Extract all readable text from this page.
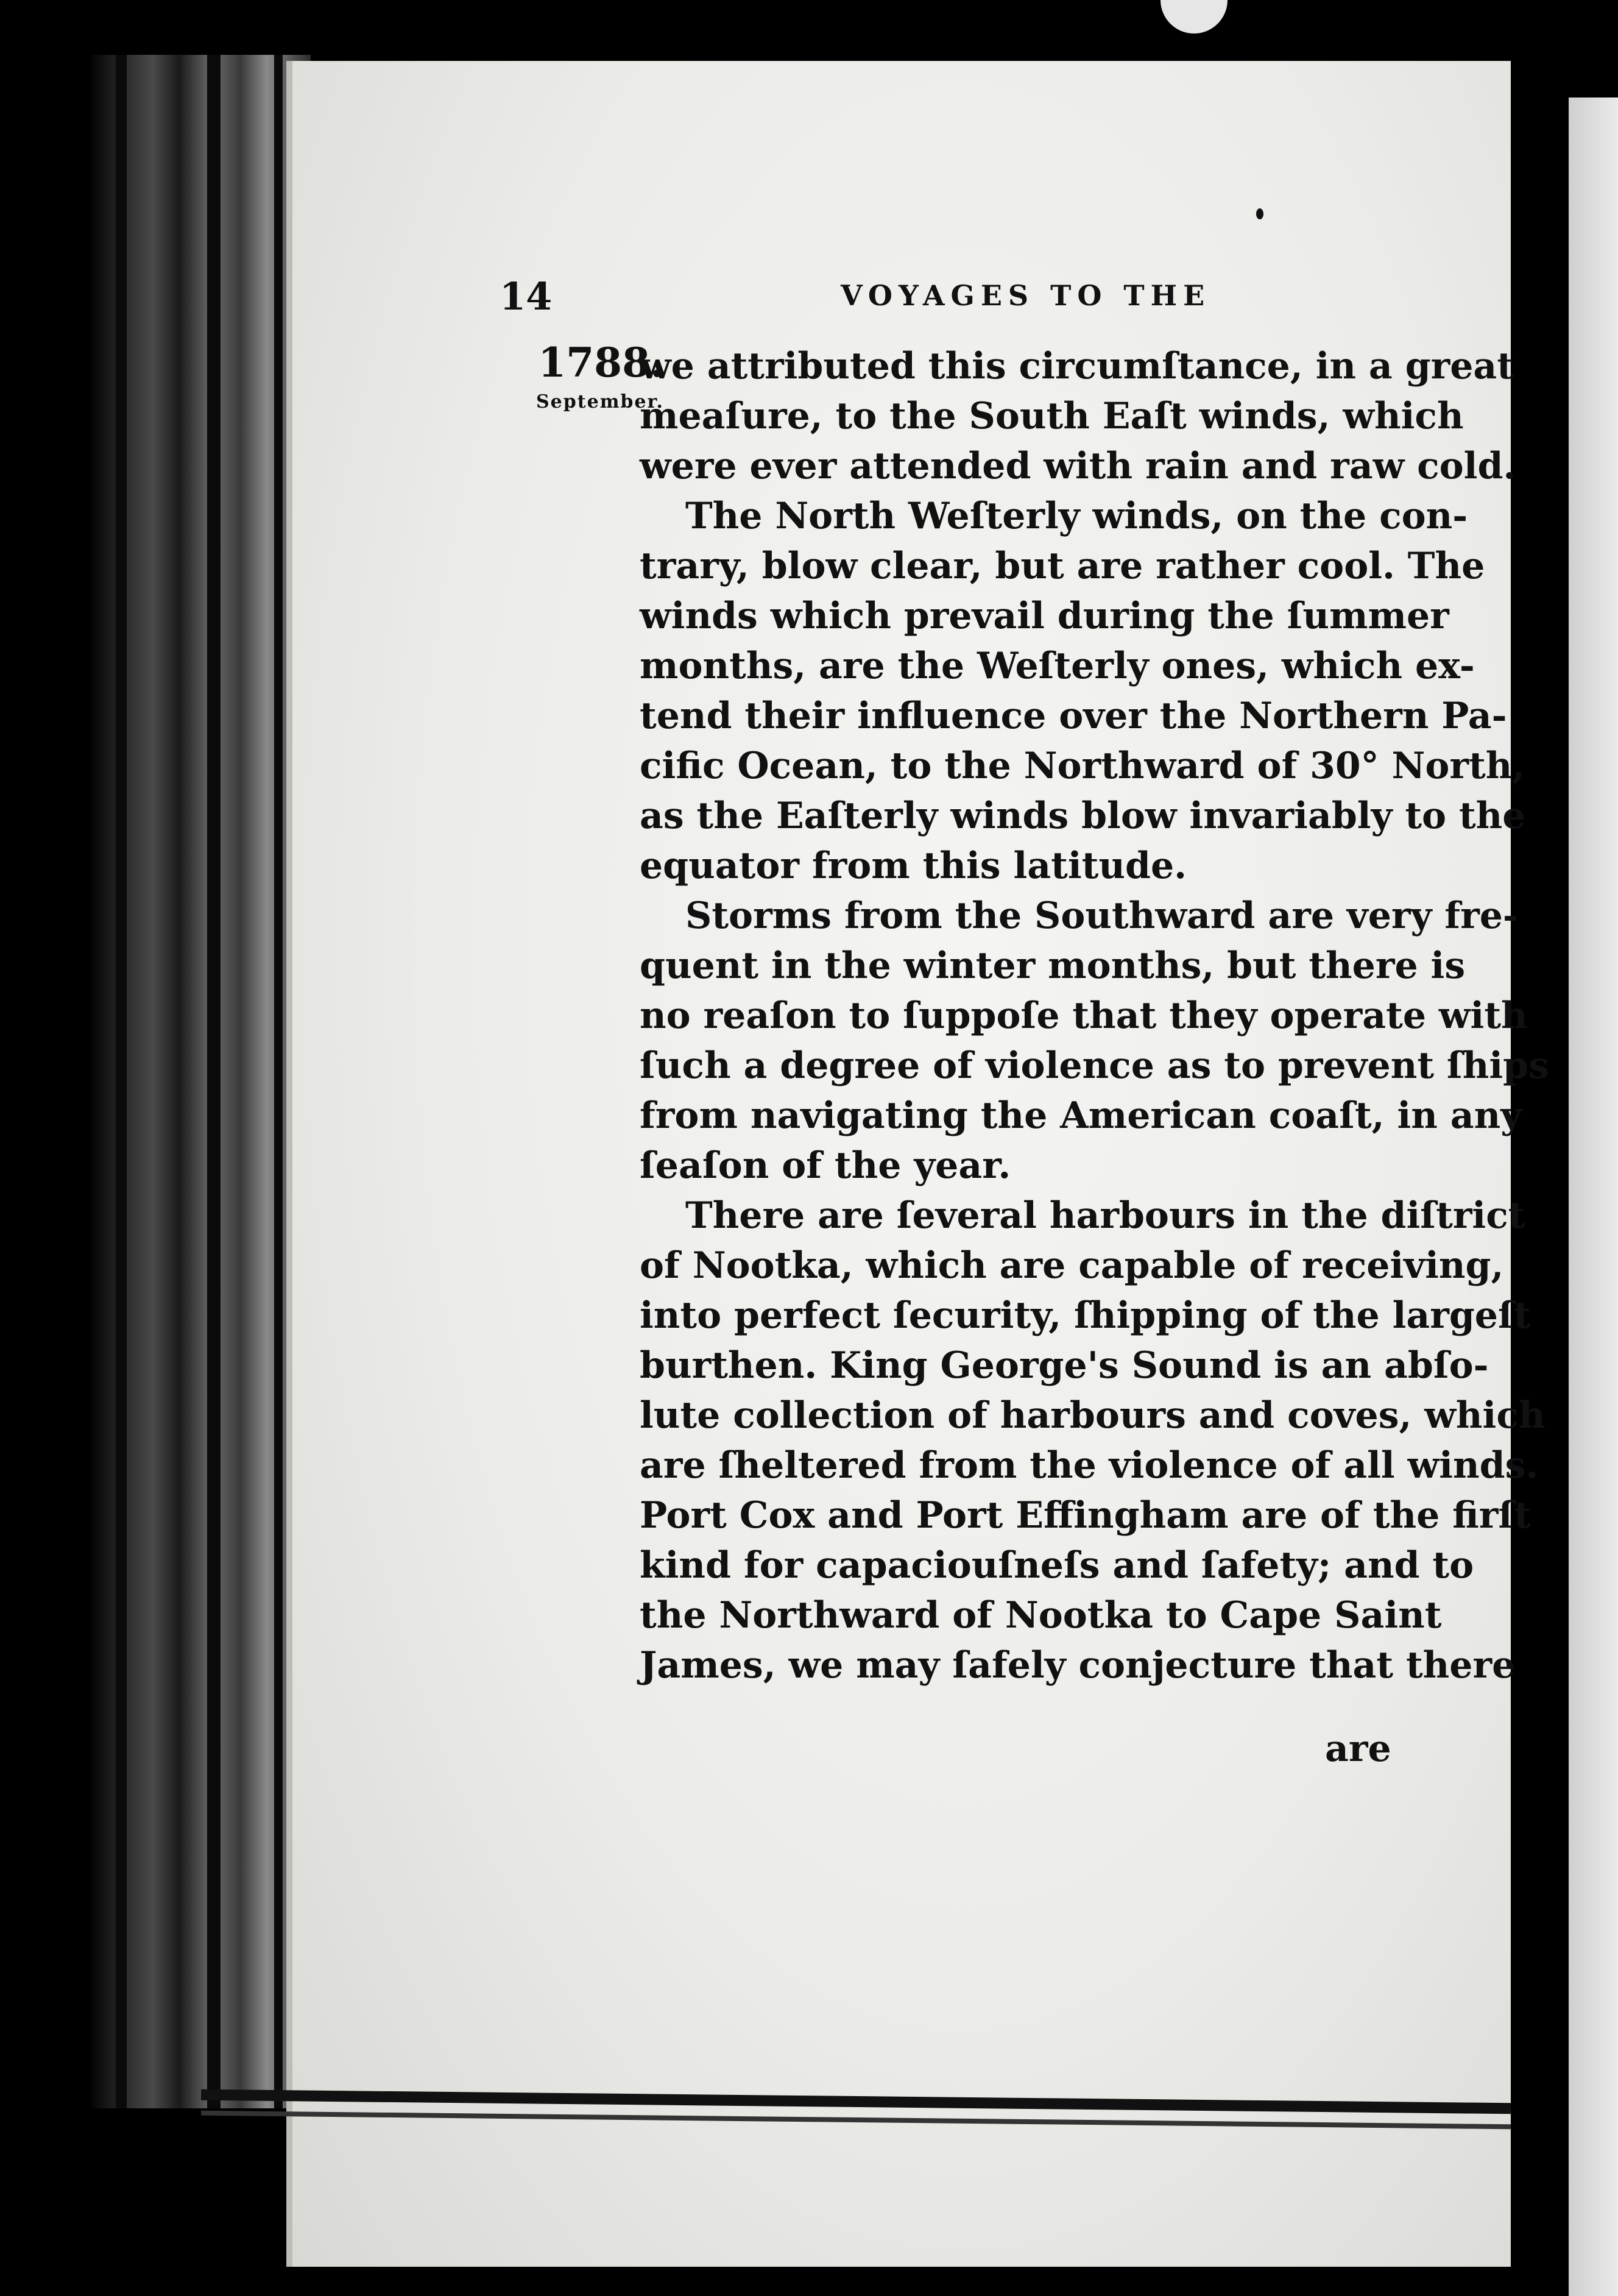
14	VOYAGES TO THE
1788.
September.
we attributed this circumſtance, in a great
meaſure, to the South Eaſt winds, which
were ever attended with rain and raw cold.
The North Weſterly winds, on the con-
trary, blow clear, but are rather cool. The
winds which prevail during the ſummer
months, are the Weſterly ones, which ex-
tend their influence over the Northern Pa-
cific Ocean, to the Northward of 30° North,
as the Eaſterly winds blow invariably to the
equator from this latitude.
Storms from the Southward are very fre-
quent in the winter months, but there is
no reaſon to ſuppoſe that they operate with
ſuch a degree of violence as to prevent ſhips
from navigating the American coaſt, in any
ſeaſon of the year.
There are ſeveral harbours in the diſtrict
of Nootka, which are capable of receiving,
into perfect ſecurity, ſhipping of the largeſt
burthen. King George's Sound is an abſo-
lute collection of harbours and coves, which
are ſheltered from the violence of all winds.
Port Cox and Port Effingham are of the firſt
kind for capaciouſneſs and ſafety; and to
the Northward of Nootka to Cape Saint
James, we may ſafely conjecture that there
are
